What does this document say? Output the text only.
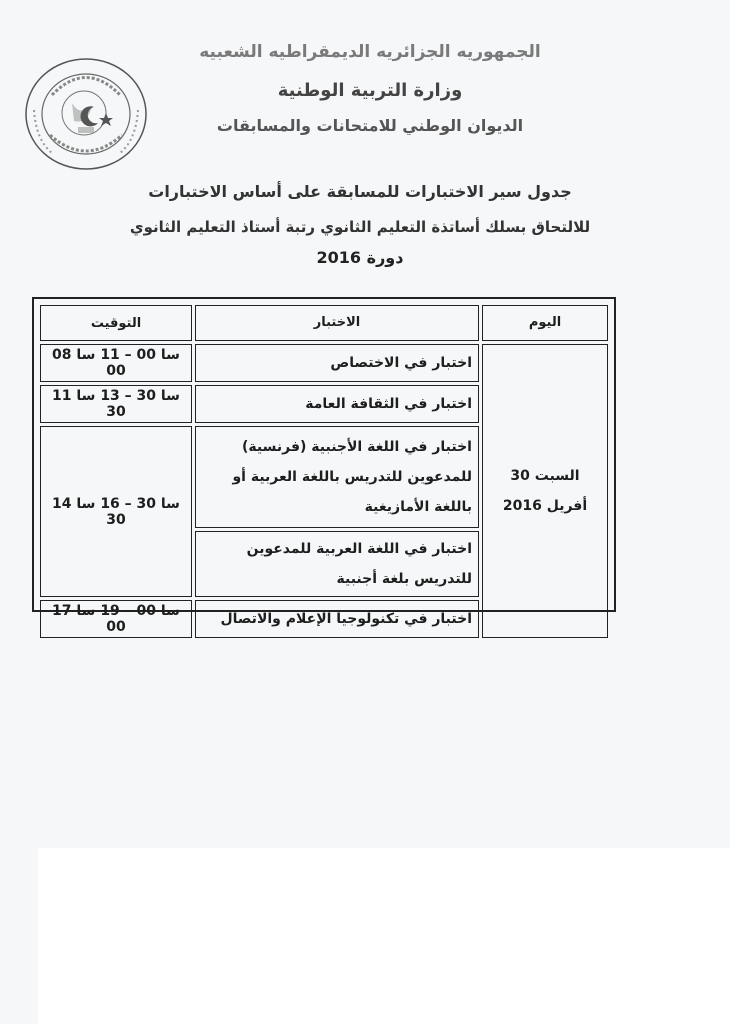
الجمهوريه الجزائريه الديمقراطيه الشعبيه
وزارة التربية الوطنية
الديوان الوطني للامتحانات والمسابقات
جدول سير الاختبارات للمسابقة على أساس الاختبارات
للالتحاق بسلك أساتذة التعليم الثانوي رتبة أستاذ التعليم الثانوي
دورة 2016
اليوم	الاختبار	التوقيت
السبت 30 أفريل 2016	اختبار في الاختصاص	08 سا 00 – 11 سا 00
	اختبار في الثقافة العامة	11 سا 30 – 13 سا 30
	اختبار في اللغة الأجنبية (فرنسية) للمدعوين للتدريس باللغة العربية أو باللغة الأمازيغية	14 سا 30 – 16 سا 30
	اختبار في اللغة العربية للمدعوين للتدريس بلغة أجنبية	
	اختبار في تكنولوجيا الإعلام والاتصال	17 سا 00 – 19 سا 00
